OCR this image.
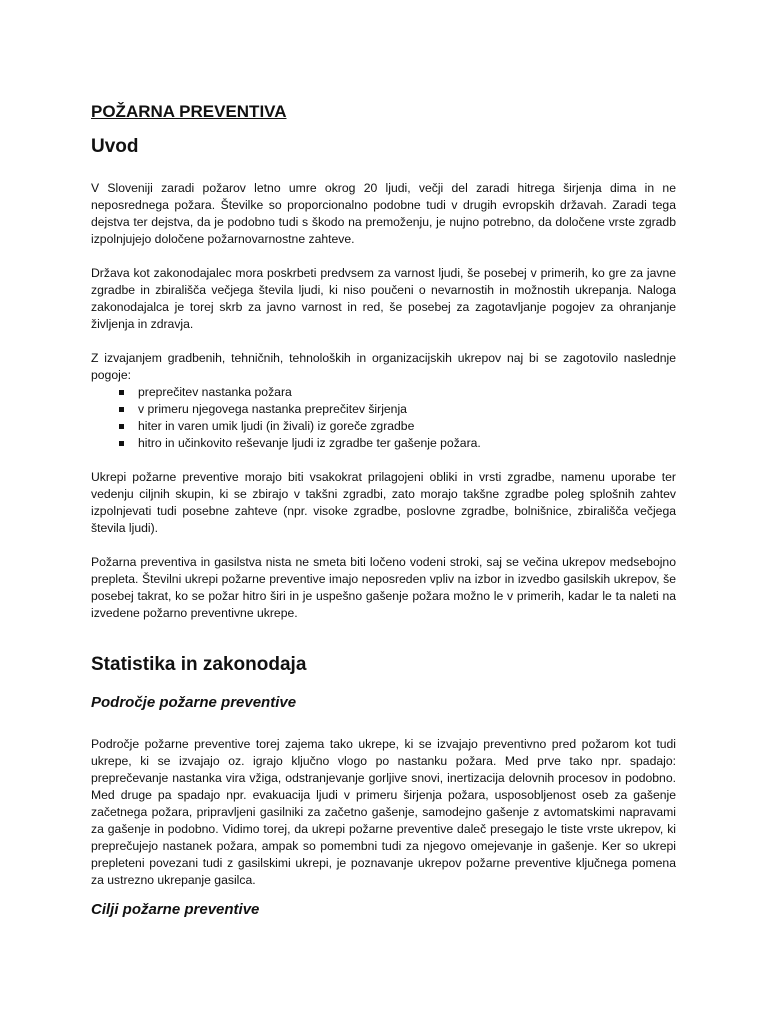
POŽARNA PREVENTIVA
Uvod

V Sloveniji zaradi požarov letno umre okrog 20 ljudi, večji del zaradi hitrega širjenja dima in ne neposrednega požara. Številke so proporcionalno podobne tudi v drugih evropskih državah. Zaradi tega dejstva ter dejstva, da je podobno tudi s škodo na premoženju, je nujno potrebno, da določene vrste zgradb izpolnjujejo določene požarnovarnostne zahteve.

Država kot zakonodajalec mora poskrbeti predvsem za varnost ljudi, še posebej v primerih, ko gre za javne zgradbe in zbirališča večjega števila ljudi, ki niso poučeni o nevarnostih in možnostih ukrepanja. Naloga zakonodajalca je torej skrb za javno varnost in red, še posebej za zagotavljanje pogojev za ohranjanje življenja in zdravja.

Z izvajanjem gradbenih, tehničnih, tehnoloških in organizacijskih ukrepov naj bi se zagotovilo naslednje pogoje:

preprečitev nastanka požara
v primeru njegovega nastanka preprečitev širjenja
hiter in varen umik ljudi (in živali) iz goreče zgradbe
hitro in učinkovito reševanje ljudi iz zgradbe ter gašenje požara.

Ukrepi požarne preventive morajo biti vsakokrat prilagojeni obliki in vrsti zgradbe, namenu uporabe ter vedenju ciljnih skupin, ki se zbirajo v takšni zgradbi, zato morajo takšne zgradbe poleg splošnih zahtev izpolnjevati tudi posebne zahteve (npr. visoke zgradbe, poslovne zgradbe, bolnišnice, zbirališča večjega števila ljudi).

Požarna preventiva in gasilstva nista ne smeta biti ločeno vodeni stroki, saj se večina ukrepov medsebojno prepleta. Številni ukrepi požarne preventive imajo neposreden vpliv na izbor in izvedbo gasilskih ukrepov, še posebej takrat, ko se požar hitro širi in je uspešno gašenje požara možno le v primerih, kadar le ta naleti na izvedene požarno preventivne ukrepe.

Statistika in zakonodaja
Področje požarne preventive

Področje požarne preventive torej zajema tako ukrepe, ki se izvajajo preventivno pred požarom kot tudi ukrepe, ki se izvajajo oz. igrajo ključno vlogo po nastanku požara. Med prve tako npr. spadajo: preprečevanje nastanka vira vžiga, odstranjevanje gorljive snovi, inertizacija delovnih procesov in podobno. Med druge pa spadajo npr. evakuacija ljudi v primeru širjenja požara, usposobljenost oseb za gašenje začetnega požara, pripravljeni gasilniki za začetno gašenje, samodejno gašenje z avtomatskimi napravami za gašenje in podobno. Vidimo torej, da ukrepi požarne preventive daleč presegajo le tiste vrste ukrepov, ki preprečujejo nastanek požara, ampak so pomembni tudi za njegovo omejevanje in gašenje. Ker so ukrepi prepleteni povezani tudi z gasilskimi ukrepi, je poznavanje ukrepov požarne preventive ključnega pomena za ustrezno ukrepanje gasilca.

Cilji požarne preventive
